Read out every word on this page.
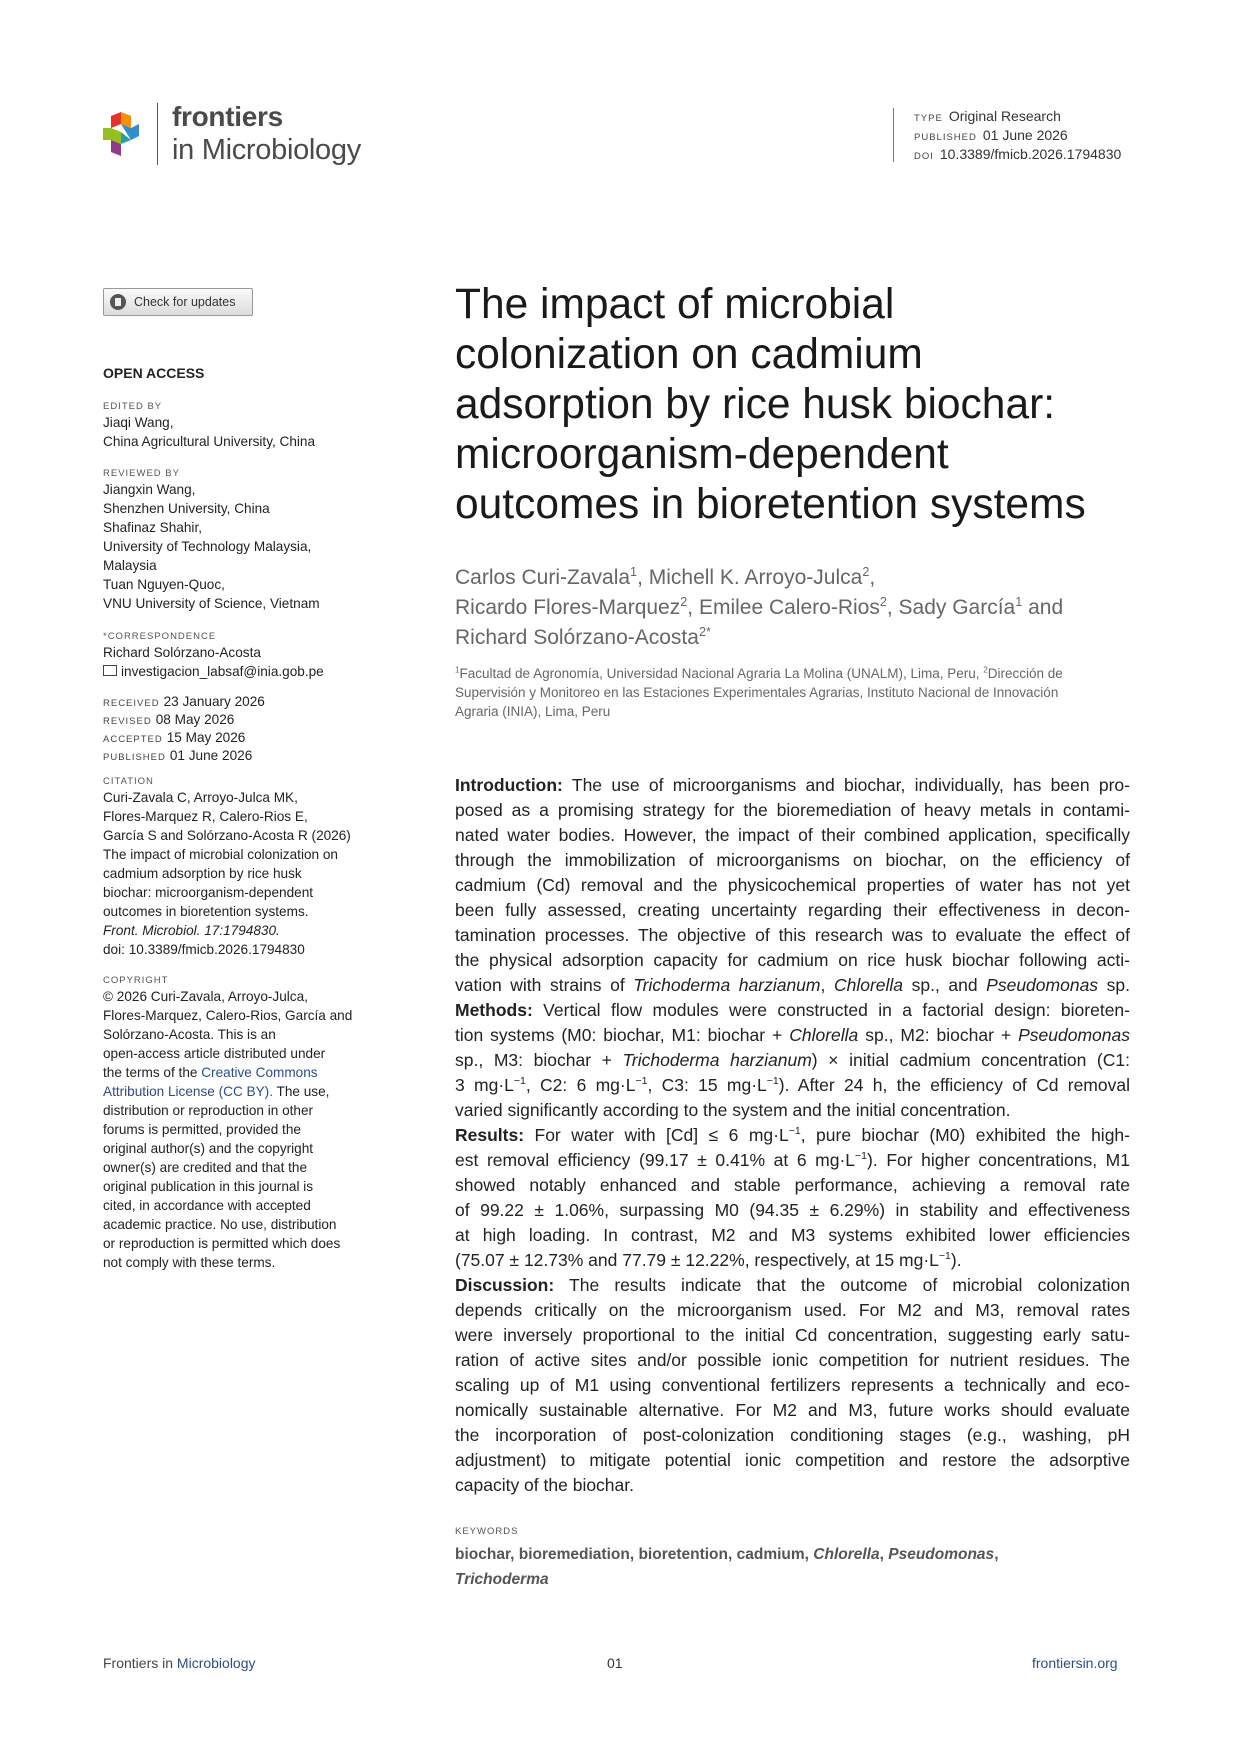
frontiers
in Microbiology
TYPE Original Research
PUBLISHED 01 June 2026
DOI 10.3389/fmicb.2026.1794830
Check for updates
OPEN ACCESS
EDITED BY
Jiaqi Wang,
China Agricultural University, China
REVIEWED BY
Jiangxin Wang,
Shenzhen University, China
Shafinaz Shahir,
University of Technology Malaysia,
Malaysia
Tuan Nguyen-Quoc,
VNU University of Science, Vietnam
*CORRESPONDENCE
Richard Solórzano-Acosta
investigacion_labsaf@inia.gob.pe
RECEIVED 23 January 2026
REVISED 08 May 2026
ACCEPTED 15 May 2026
PUBLISHED 01 June 2026
CITATION
Curi-Zavala C, Arroyo-Julca MK,
Flores-Marquez R, Calero-Rios E,
García S and Solórzano-Acosta R (2026)
The impact of microbial colonization on
cadmium adsorption by rice husk
biochar: microorganism-dependent
outcomes in bioretention systems.
Front. Microbiol. 17:1794830.
doi: 10.3389/fmicb.2026.1794830
COPYRIGHT
© 2026 Curi-Zavala, Arroyo-Julca,
Flores-Marquez, Calero-Rios, García and
Solórzano-Acosta. This is an
open-access article distributed under
the terms of the Creative Commons
Attribution License (CC BY). The use,
distribution or reproduction in other
forums is permitted, provided the
original author(s) and the copyright
owner(s) are credited and that the
original publication in this journal is
cited, in accordance with accepted
academic practice. No use, distribution
or reproduction is permitted which does
not comply with these terms.
The impact of microbial
colonization on cadmium
adsorption by rice husk biochar:
microorganism-dependent
outcomes in bioretention systems
Carlos Curi-Zavala$^1$, Michell K. Arroyo-Julca$^2$,
Ricardo Flores-Marquez$^2$, Emilee Calero-Rios$^2$, Sady García$^1$ and
Richard Solórzano-Acosta$^{2*}$
$^1$Facultad de Agronomía, Universidad Nacional Agraria La Molina (UNALM), Lima, Peru, $^2$Dirección de
Supervisión y Monitoreo en las Estaciones Experimentales Agrarias, Instituto Nacional de Innovación
Agraria (INIA), Lima, Peru
Introduction: The use of microorganisms and biochar, individually, has been pro-
posed as a promising strategy for the bioremediation of heavy metals in contami-
nated water bodies. However, the impact of their combined application, specifically
through the immobilization of microorganisms on biochar, on the efficiency of
cadmium (Cd) removal and the physicochemical properties of water has not yet
been fully assessed, creating uncertainty regarding their effectiveness in decon-
tamination processes. The objective of this research was to evaluate the effect of
the physical adsorption capacity for cadmium on rice husk biochar following acti-
vation with strains of Trichoderma harzianum, Chlorella sp., and Pseudomonas sp.
Methods: Vertical flow modules were constructed in a factorial design: bioreten-
tion systems (M0: biochar, M1: biochar + Chlorella sp., M2: biochar + Pseudomonas
sp., M3: biochar + Trichoderma harzianum) × initial cadmium concentration (C1:
3 $mg\cdot L^{-1}$, C2: 6 $mg\cdot L^{-1}$, C3: 15 $mg\cdot L^{-1}$). After 24 h, the efficiency of Cd removal
varied significantly according to the system and the initial concentration.
Results: For water with [Cd] ≤ 6 $mg\cdot L^{-1}$, pure biochar (M0) exhibited the high-
est removal efficiency (99.17 ± 0.41% at 6 $mg\cdot L^{-1}$). For higher concentrations, M1
showed notably enhanced and stable performance, achieving a removal rate
of 99.22 ± 1.06%, surpassing M0 (94.35 ± 6.29%) in stability and effectiveness
at high loading. In contrast, M2 and M3 systems exhibited lower efficiencies
(75.07 ± 12.73% and 77.79 ± 12.22%, respectively, at 15 $mg\cdot L^{-1}$).
Discussion: The results indicate that the outcome of microbial colonization
depends critically on the microorganism used. For M2 and M3, removal rates
were inversely proportional to the initial Cd concentration, suggesting early satu-
ration of active sites and/or possible ionic competition for nutrient residues. The
scaling up of M1 using conventional fertilizers represents a technically and eco-
nomically sustainable alternative. For M2 and M3, future works should evaluate
the incorporation of post-colonization conditioning stages (e.g., washing, pH
adjustment) to mitigate potential ionic competition and restore the adsorptive
capacity of the biochar.
KEYWORDS
biochar, bioremediation, bioretention, cadmium, Chlorella, Pseudomonas,
Trichoderma
Frontiers in Microbiology	01	frontiersin.org
